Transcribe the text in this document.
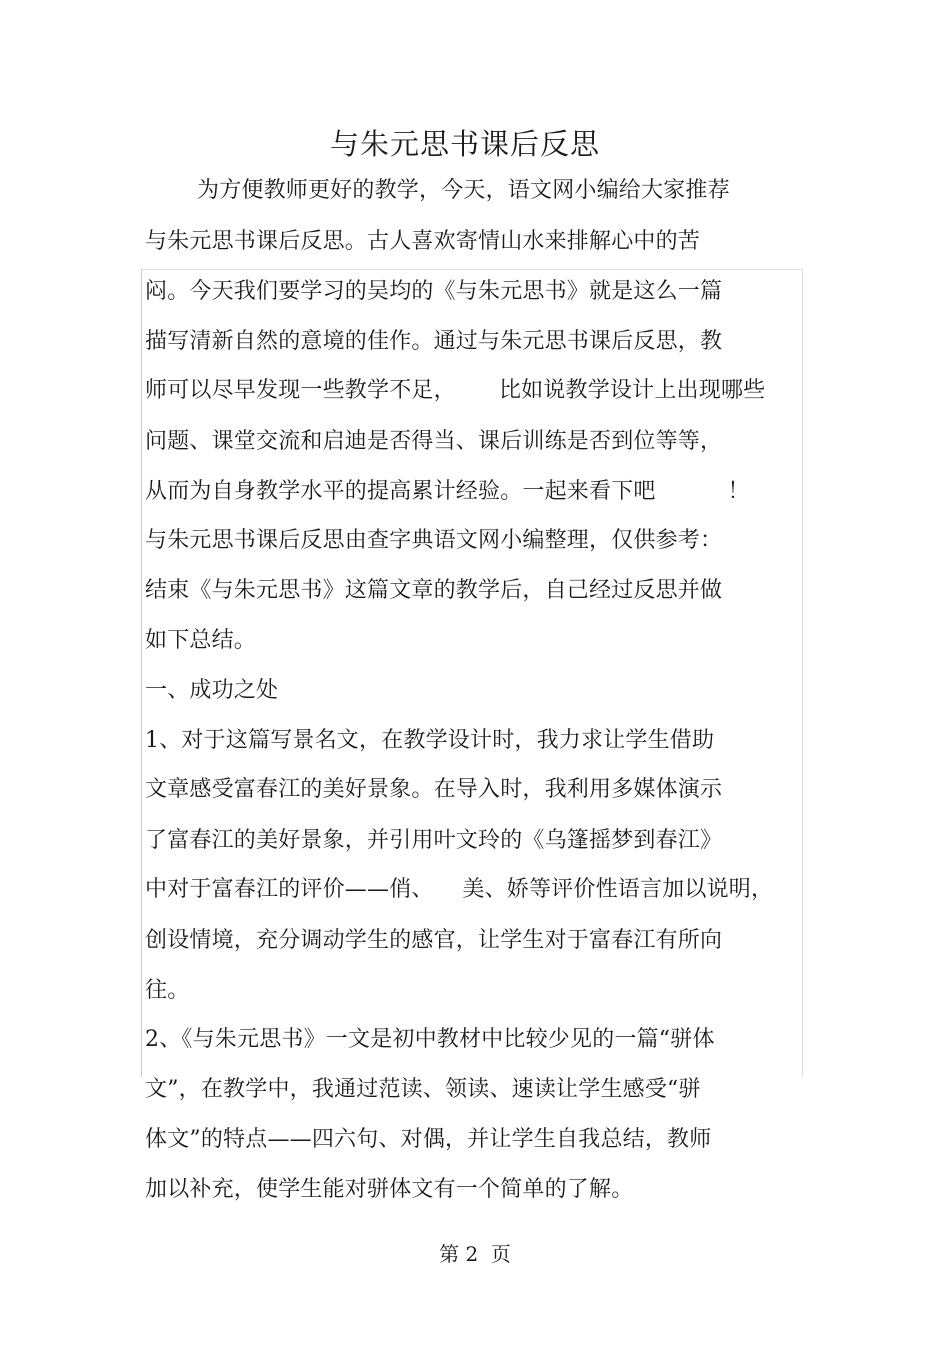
与朱元思书课后反思
为方便教师更好的教学，今天，语文网小编给大家推荐
与朱元思书课后反思。古人喜欢寄情山水来排解心中的苦
闷。今天我们要学习的吴均的《与朱元思书》就是这么一篇
描写清新自然的意境的佳作。通过与朱元思书课后反思，教
师可以尽早发现一些教学不足，      比如说教学设计上出现哪些
问题、课堂交流和启迪是否得当、课后训练是否到位等等，
从而为自身教学水平的提高累计经验。一起来看下吧          ！
与朱元思书课后反思由查字典语文网小编整理，仅供参考：
结束《与朱元思书》这篇文章的教学后，自己经过反思并做
如下总结。
一、成功之处
1、对于这篇写景名文，在教学设计时，我力求让学生借助
文章感受富春江的美好景象。在导入时，我利用多媒体演示
了富春江的美好景象，并引用叶文玲的《乌篷摇梦到春江》
中对于富春江的评价——俏、    美、娇等评价性语言加以说明，
创设情境，充分调动学生的感官，让学生对于富春江有所向
往。
2、《与朱元思书》一文是初中教材中比较少见的一篇“骈体
文”，在教学中，我通过范读、领读、速读让学生感受“骈
体文”的特点——四六句、对偶，并让学生自我总结，教师
加以补充，使学生能对骈体文有一个简单的了解。
第 2  页
